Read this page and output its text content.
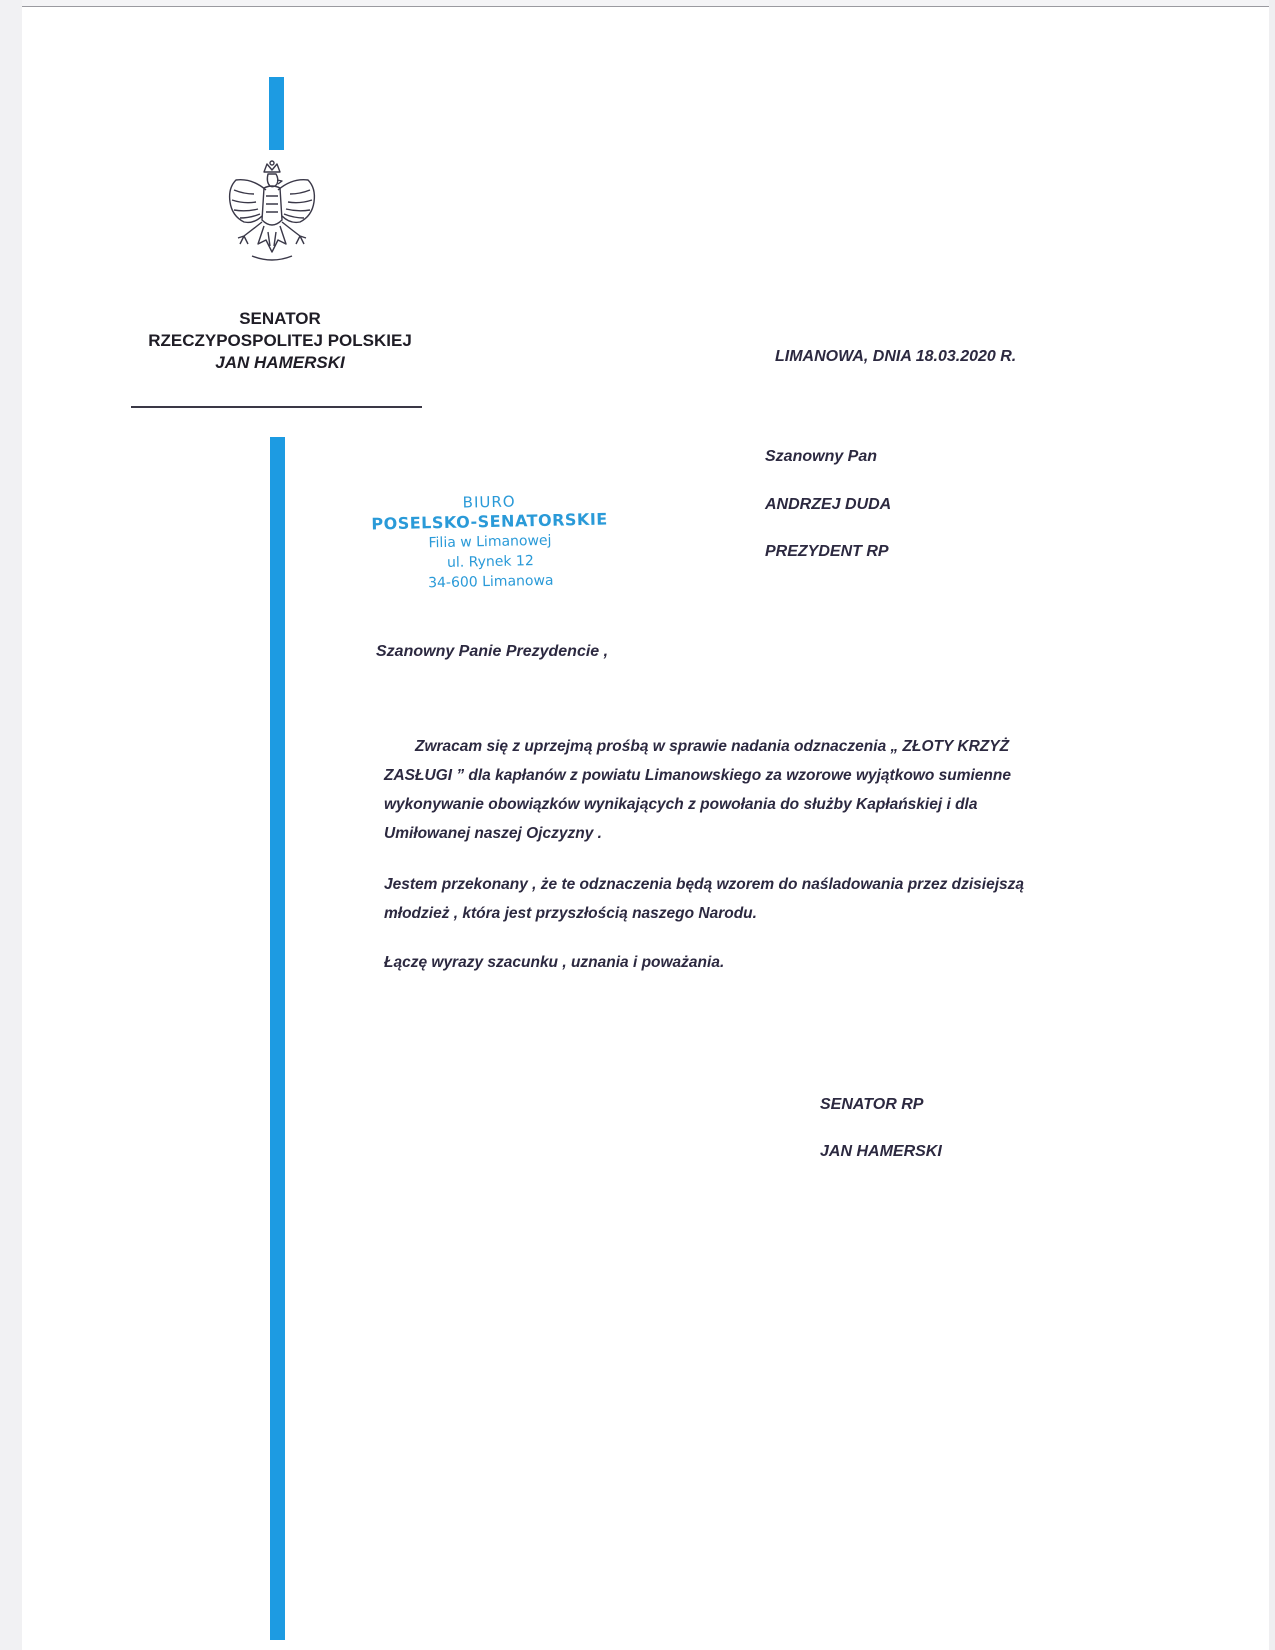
SENATOR
RZECZYPOSPOLITEJ POLSKIEJ
JAN HAMERSKI	LIMANOWA, DNIA 18.03.2020 R.
Szanowny Pan
ANDRZEJ DUDA
PREZYDENT RP
BIURO
POSELSKO-SENATORSKIE
Filia w Limanowej
ul. Rynek 12
34-600 Limanowa
Szanowny Panie Prezydencie ,
Zwracam się z uprzejmą prośbą w sprawie nadania odznaczenia „ ZŁOTY KRZYŻ ZASŁUGI ” dla kapłanów z powiatu Limanowskiego za wzorowe wyjątkowo sumienne wykonywanie obowiązków wynikających z powołania do służby Kapłańskiej i dla Umiłowanej naszej Ojczyzny .
Jestem przekonany , że te odznaczenia będą wzorem do naśladowania przez dzisiejszą młodzież , która jest przyszłością naszego Narodu.
Łączę wyrazy szacunku , uznania i poważania.
SENATOR RP
JAN HAMERSKI
